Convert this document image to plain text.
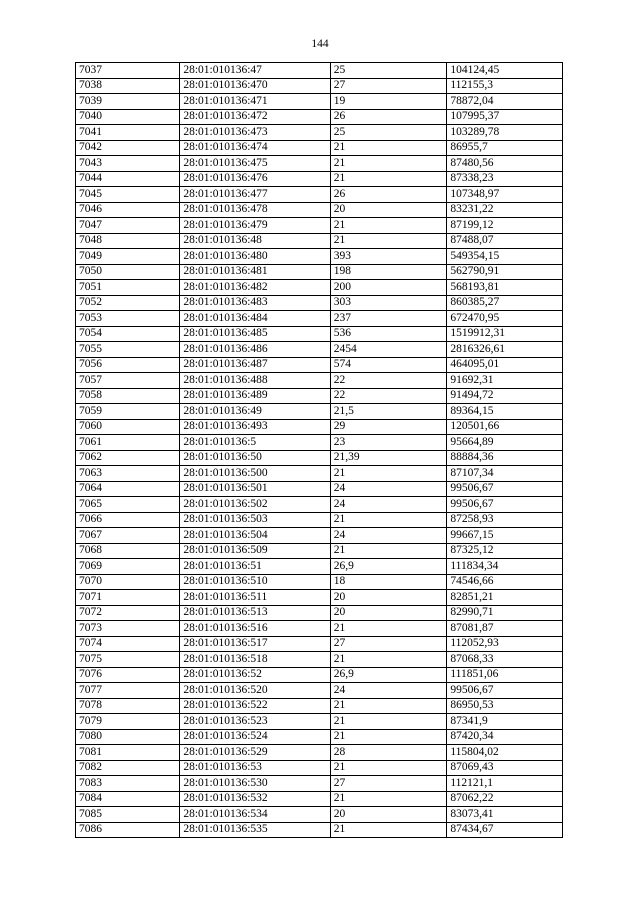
144
7037	28:01:010136:47	25	104124,45
7038	28:01:010136:470	27	112155,3
7039	28:01:010136:471	19	78872,04
7040	28:01:010136:472	26	107995,37
7041	28:01:010136:473	25	103289,78
7042	28:01:010136:474	21	86955,7
7043	28:01:010136:475	21	87480,56
7044	28:01:010136:476	21	87338,23
7045	28:01:010136:477	26	107348,97
7046	28:01:010136:478	20	83231,22
7047	28:01:010136:479	21	87199,12
7048	28:01:010136:48	21	87488,07
7049	28:01:010136:480	393	549354,15
7050	28:01:010136:481	198	562790,91
7051	28:01:010136:482	200	568193,81
7052	28:01:010136:483	303	860385,27
7053	28:01:010136:484	237	672470,95
7054	28:01:010136:485	536	1519912,31
7055	28:01:010136:486	2454	2816326,61
7056	28:01:010136:487	574	464095,01
7057	28:01:010136:488	22	91692,31
7058	28:01:010136:489	22	91494,72
7059	28:01:010136:49	21,5	89364,15
7060	28:01:010136:493	29	120501,66
7061	28:01:010136:5	23	95664,89
7062	28:01:010136:50	21,39	88884,36
7063	28:01:010136:500	21	87107,34
7064	28:01:010136:501	24	99506,67
7065	28:01:010136:502	24	99506,67
7066	28:01:010136:503	21	87258,93
7067	28:01:010136:504	24	99667,15
7068	28:01:010136:509	21	87325,12
7069	28:01:010136:51	26,9	111834,34
7070	28:01:010136:510	18	74546,66
7071	28:01:010136:511	20	82851,21
7072	28:01:010136:513	20	82990,71
7073	28:01:010136:516	21	87081,87
7074	28:01:010136:517	27	112052,93
7075	28:01:010136:518	21	87068,33
7076	28:01:010136:52	26,9	111851,06
7077	28:01:010136:520	24	99506,67
7078	28:01:010136:522	21	86950,53
7079	28:01:010136:523	21	87341,9
7080	28:01:010136:524	21	87420,34
7081	28:01:010136:529	28	115804,02
7082	28:01:010136:53	21	87069,43
7083	28:01:010136:530	27	112121,1
7084	28:01:010136:532	21	87062,22
7085	28:01:010136:534	20	83073,41
7086	28:01:010136:535	21	87434,67
